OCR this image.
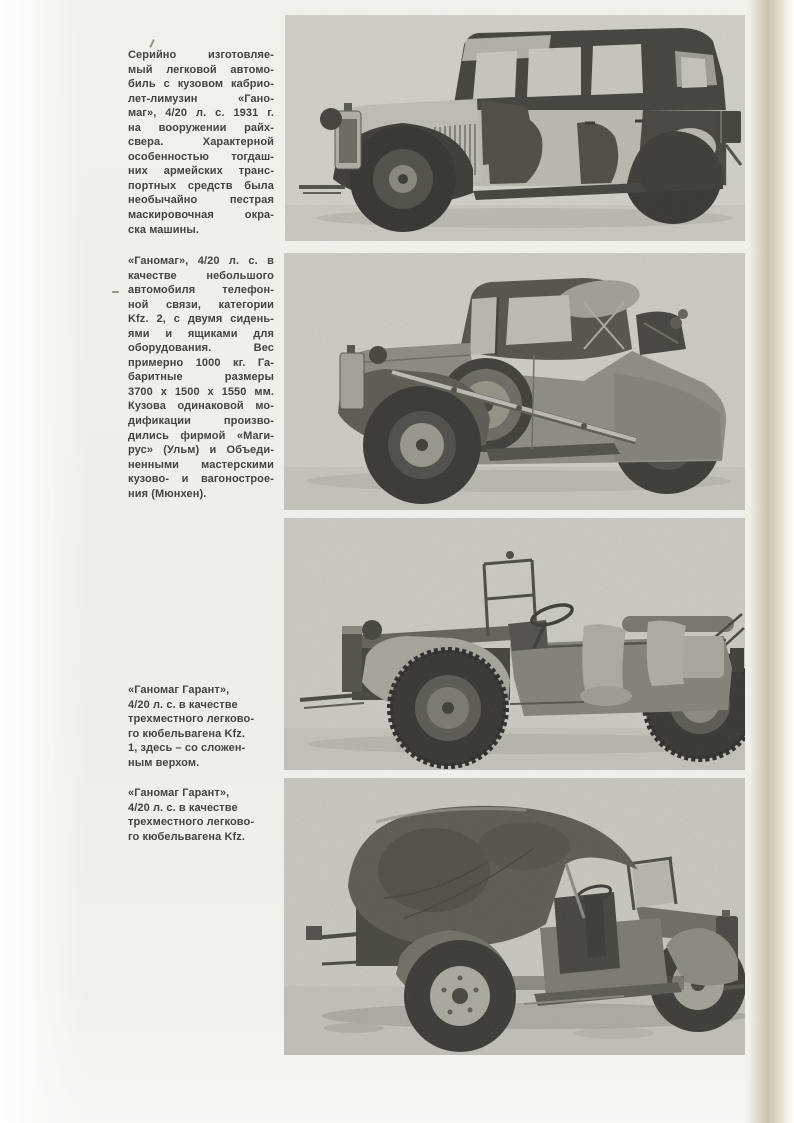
Серийно изготовляе-
мый легковой автомо-
биль с кузовом кабрио-
лет-лимузин «Гано-
маг», 4/20 л. с. 1931 г.
на вооружении райх-
свера. Характерной
особенностью тогдаш-
них армейских транс-
портных средств была
необычайно пестрая
маскировочная окра-
ска машины.
«Ганомаг», 4/20 л. с. в
качестве небольшого
автомобиля телефон-
ной связи, категории
Kfz. 2, с двумя сидень-
ями и ящиками для
оборудования. Вес
примерно 1000 кг. Га-
баритные размеры
3700 x 1500 x 1550 мм.
Кузова одинаковой мо-
дификации произво-
дились фирмой «Маги-
рус» (Ульм) и Объеди-
ненными мастерскими
кузово- и вагонострое-
ния (Мюнхен).
«Ганомаг Гарант»,
4/20 л. с. в качестве
трехместного легково-
го кюбельвагена Kfz.
1, здесь – со сложен-
ным верхом.
«Ганомаг Гарант»,
4/20 л. с. в качестве
трехместного легково-
го кюбельвагена Kfz.
